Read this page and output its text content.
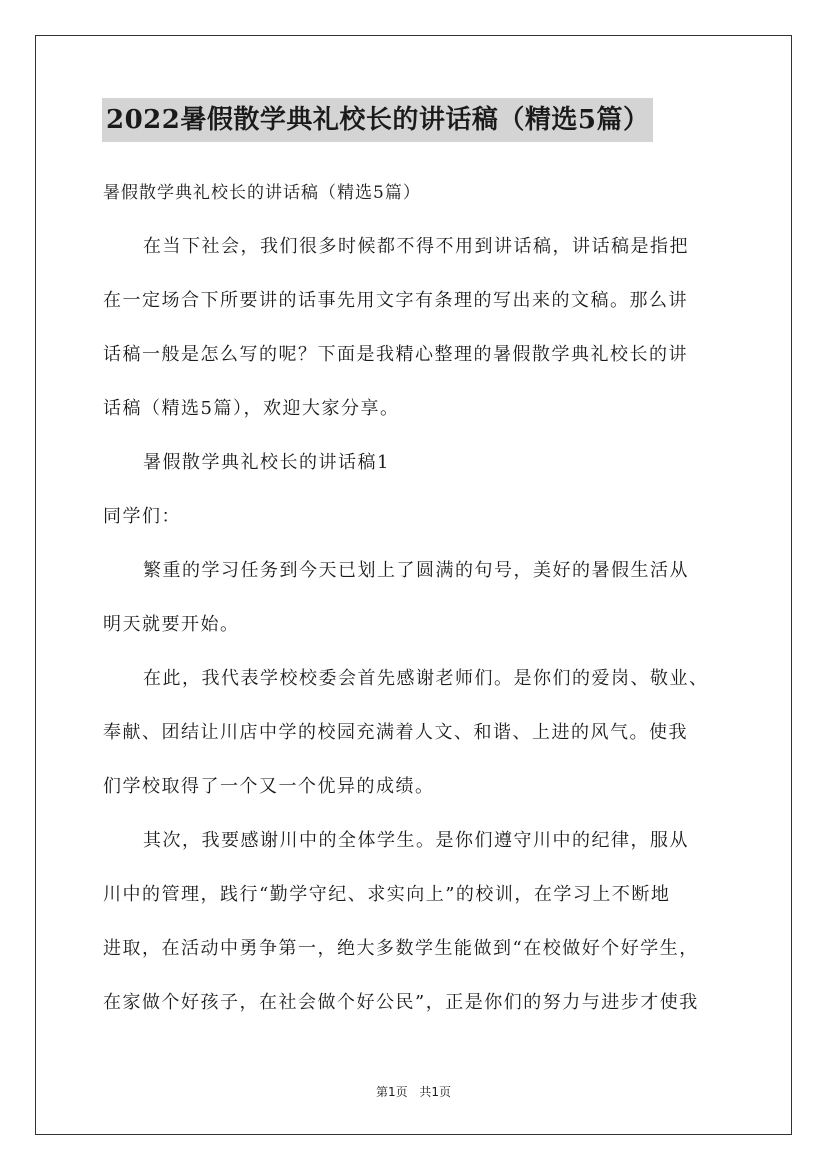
2022暑假散学典礼校长的讲话稿（精选5篇）
暑假散学典礼校长的讲话稿（精选5篇）
在当下社会，我们很多时候都不得不用到讲话稿，讲话稿是指把
在一定场合下所要讲的话事先用文字有条理的写出来的文稿。那么讲
话稿一般是怎么写的呢？下面是我精心整理的暑假散学典礼校长的讲
话稿（精选5篇），欢迎大家分享。
暑假散学典礼校长的讲话稿1
同学们：
繁重的学习任务到今天已划上了圆满的句号，美好的暑假生活从
明天就要开始。
在此，我代表学校校委会首先感谢老师们。是你们的爱岗、敬业、
奉献、团结让川店中学的校园充满着人文、和谐、上进的风气。使我
们学校取得了一个又一个优异的成绩。
其次，我要感谢川中的全体学生。是你们遵守川中的纪律，服从
川中的管理，践行“勤学守纪、求实向上”的校训，在学习上不断地
进取，在活动中勇争第一，绝大多数学生能做到“在校做好个好学生，
在家做个好孩子，在社会做个好公民”，正是你们的努力与进步才使我
第1页 共1页
